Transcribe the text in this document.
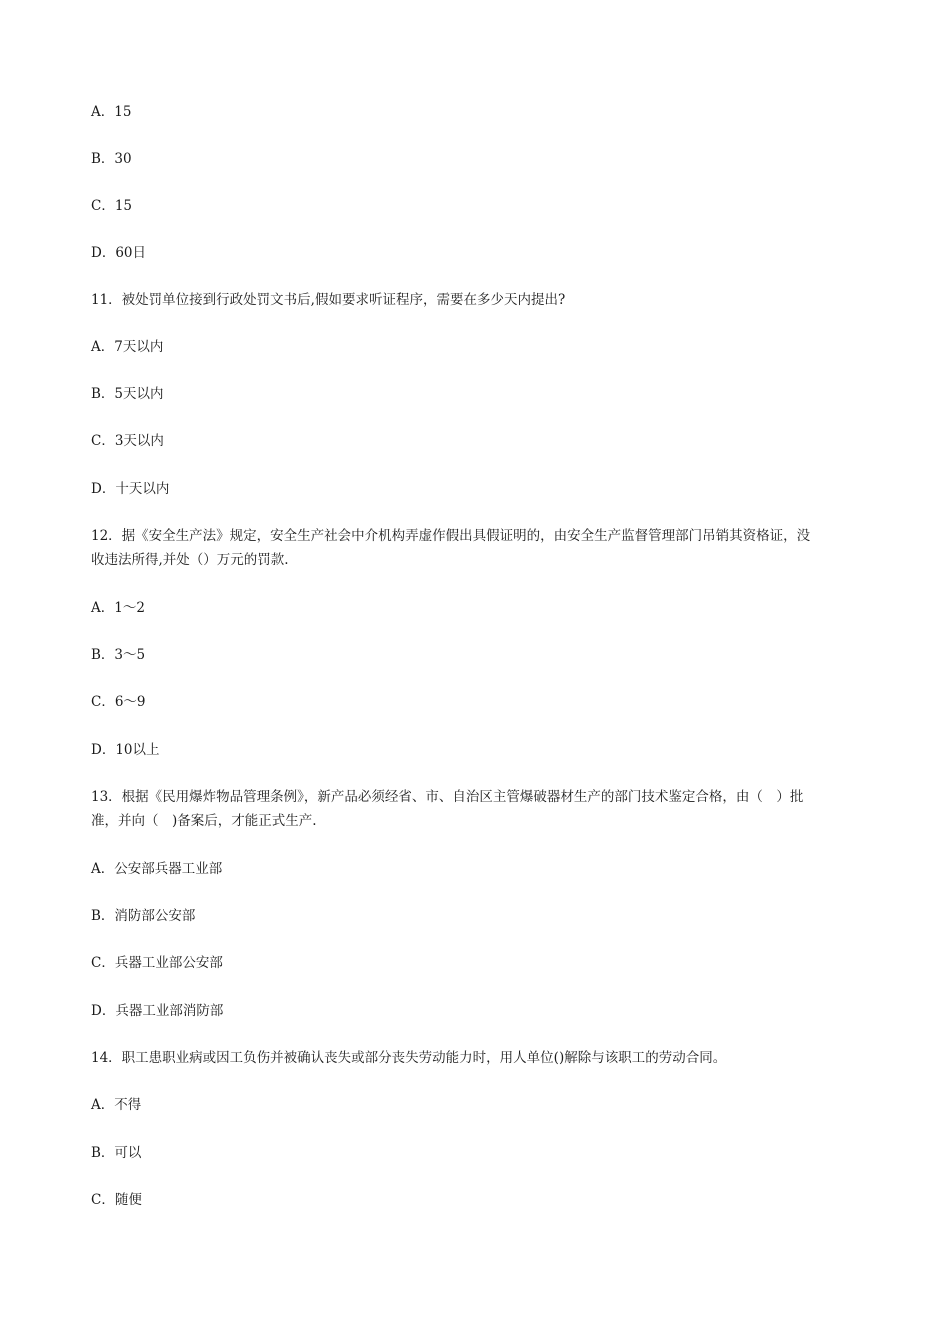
A．15
B．30
C．15
D．60日
11．被处罚单位接到行政处罚文书后,假如要求听证程序，需要在多少天内提出?
A．7天以内
B．5天以内
C．3天以内
D．十天以内
12．据《安全生产法》规定，安全生产社会中介机构弄虚作假出具假证明的，由安全生产监督管理部门吊销其资格证，没
收违法所得,并处（）万元的罚款.
A．1～2
B．3～5
C．6～9
D．10以上
13．根据《民用爆炸物品管理条例》，新产品必须经省、市、自治区主管爆破器材生产的部门技术鉴定合格，由（　）批
准，并向（　)备案后，才能正式生产.
A．公安部兵器工业部
B．消防部公安部
C．兵器工业部公安部
D．兵器工业部消防部
14．职工患职业病或因工负伤并被确认丧失或部分丧失劳动能力时，用人单位()解除与该职工的劳动合同。
A．不得
B．可以
C．随便
